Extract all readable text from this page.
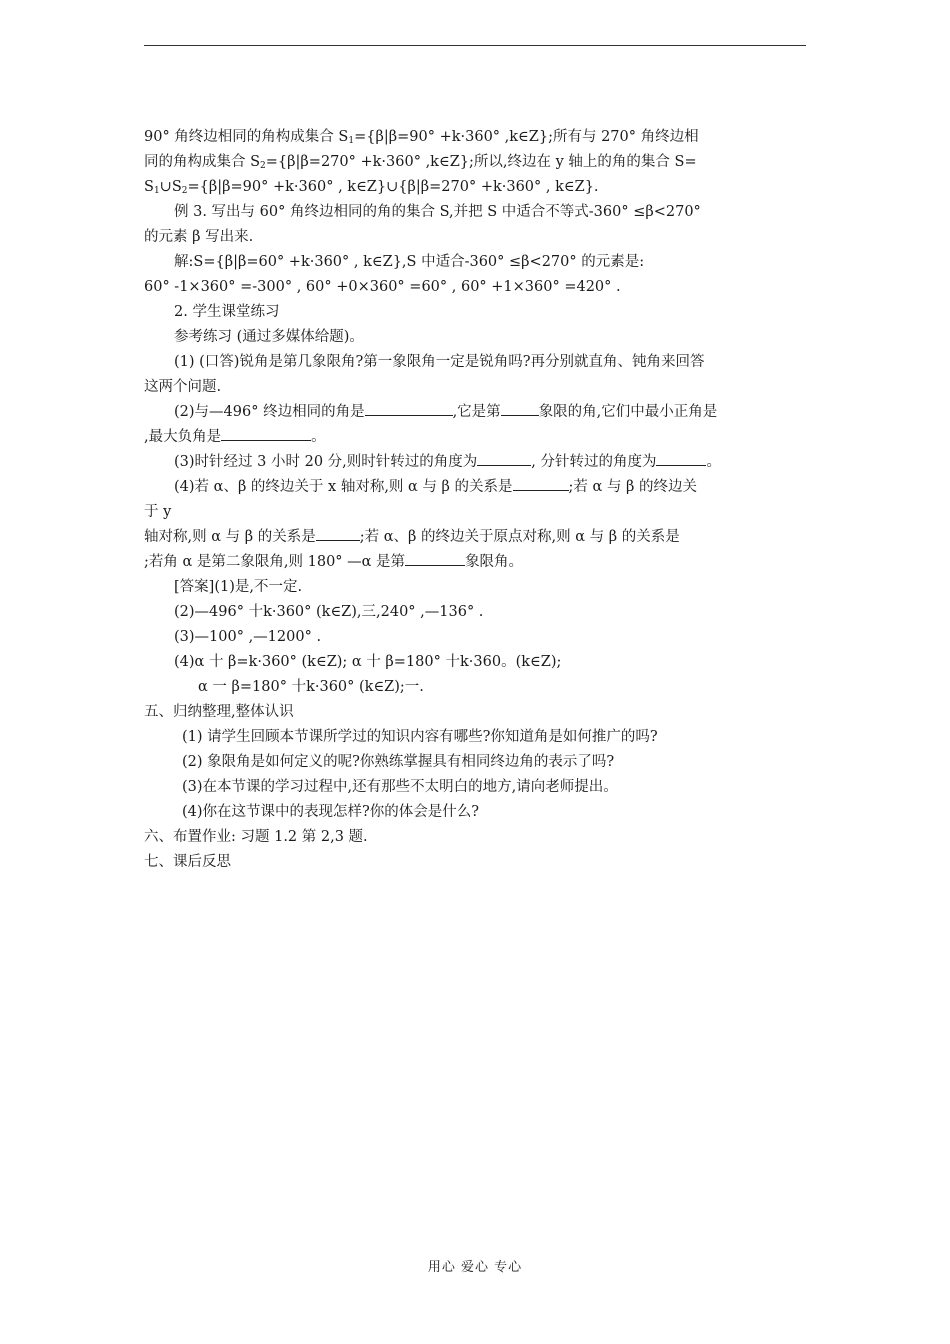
90° 角终边相同的角构成集合 $S_1=\{\beta|\beta=90^\circ +k\cdot 360^\circ$ ,k∈Z};所有与 270° 角终边相
同的角构成集合 $S_2=\{\beta|\beta=270^\circ +k\cdot 360^\circ$ ,k∈Z};所以,终边在 y 轴上的角的集合 S=
$S_1\cup S_2=\{\beta|\beta=90^\circ +k\cdot 360^\circ$ , k∈Z}∪{β|β=270° +k·360° , k∈Z}.
例 3. 写出与 60° 角终边相同的角的集合 S,并把 S 中适合不等式-360° ≤β<270°
的元素 β 写出来.
解:S={β|β=60° +k·360° , k∈Z},S 中适合-360° ≤β<270° 的元素是:
60° -1×360° =-300° , 60° +0×360° =60° , 60° +1×360° =420° .
2. 学生课堂练习
参考练习 (通过多媒体给题)。
(1) (口答)锐角是第几象限角?第一象限角一定是锐角吗?再分别就直角、钝角来回答
这两个问题.
(2)与—496° 终边相同的角是	,它是第	象限的角,它们中最小正角是
,最大负角是	。
(3)时针经过 3 小时 20 分,则时针转过的角度为	, 分针转过的角度为	。
(4)若 α、β 的终边关于 x 轴对称,则 α 与 β 的关系是	;若 α 与 β 的终边关
于 y
轴对称,则 α 与 β 的关系是	;若 α、β 的终边关于原点对称,则 α 与 β 的关系是
;若角 α 是第二象限角,则 180° —α 是第	象限角。
[答案](1)是,不一定.
(2)—496° 十k·360° (k∈Z),三,240° ,—136° .
(3)—100° ,—1200° .
(4)α 十 β=k·360° (k∈Z); α 十 β=180° 十k·360。(k∈Z);
α 一 β=180° 十k·360° (k∈Z);一.
五、归纳整理,整体认识
(1) 请学生回顾本节课所学过的知识内容有哪些?你知道角是如何推广的吗?
(2) 象限角是如何定义的呢?你熟练掌握具有相同终边角的表示了吗?
(3)在本节课的学习过程中,还有那些不太明白的地方,请向老师提出。
(4)你在这节课中的表现怎样?你的体会是什么?
六、布置作业: 习题 1.2 第 2,3 题.
七、课后反思
用心 爱心 专心
